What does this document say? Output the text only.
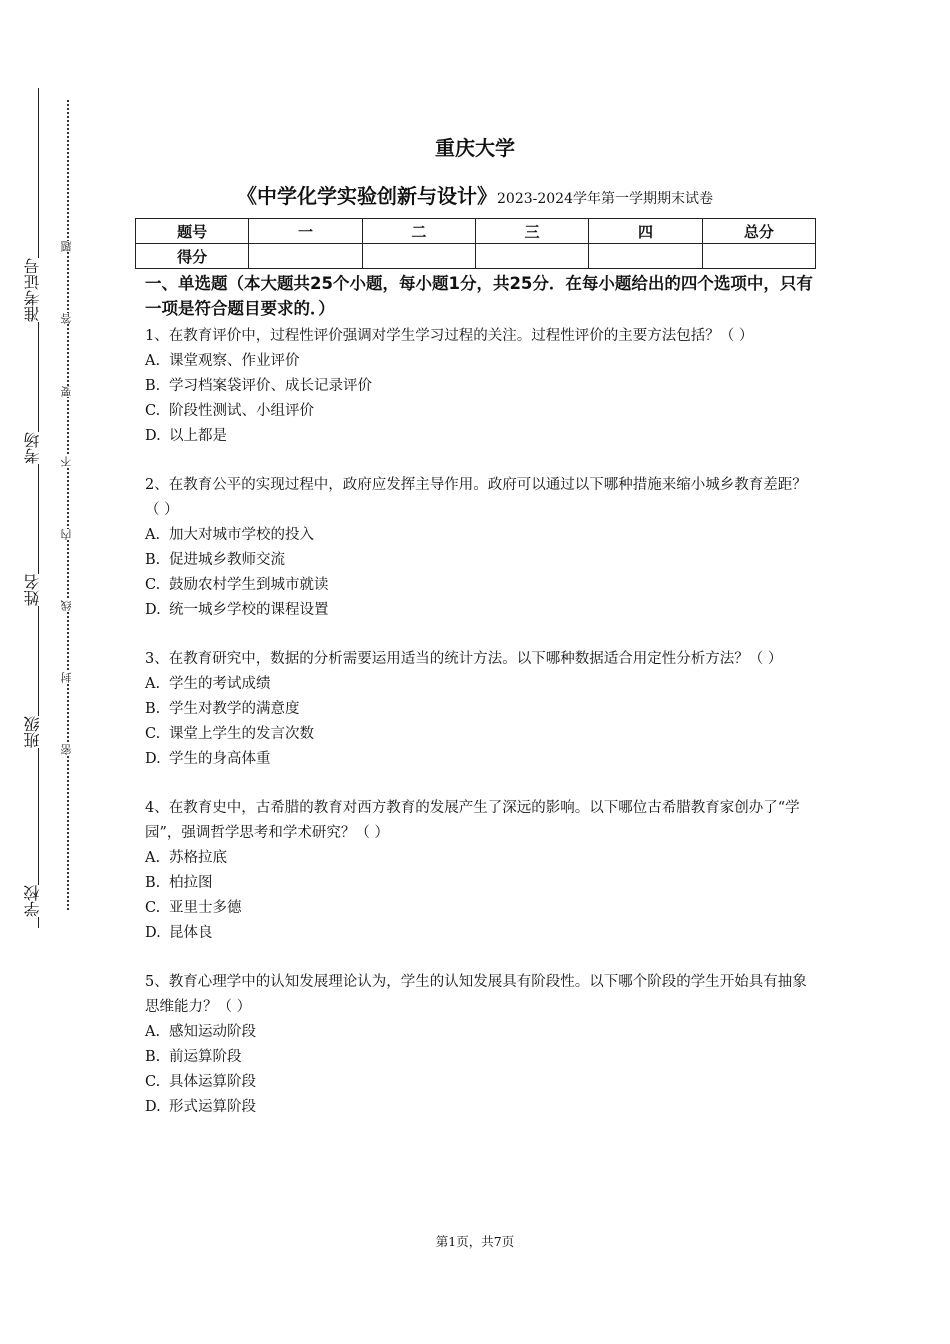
准考证号
考场
姓名
班级
学校
题
答
要
不
内
线
封
密
重庆大学
《中学化学实验创新与设计》2023-2024学年第一学期期末试卷
题号	一	二	三	四	总分
得分					
一、单选题（本大题共25个小题，每小题1分，共25分．在每小题给出的四个选项中，只有一项是符合题目要求的．）

1、在教育评价中，过程性评价强调对学生学习过程的关注。过程性评价的主要方法包括？（ ）

A. 课堂观察、作业评价

B. 学习档案袋评价、成长记录评价

C. 阶段性测试、小组评价

D. 以上都是

2、在教育公平的实现过程中，政府应发挥主导作用。政府可以通过以下哪种措施来缩小城乡教育差距？（ ）

A. 加大对城市学校的投入

B. 促进城乡教师交流

C. 鼓励农村学生到城市就读

D. 统一城乡学校的课程设置

3、在教育研究中，数据的分析需要运用适当的统计方法。以下哪种数据适合用定性分析方法？（ ）

A. 学生的考试成绩

B. 学生对教学的满意度

C. 课堂上学生的发言次数

D. 学生的身高体重

4、在教育史中，古希腊的教育对西方教育的发展产生了深远的影响。以下哪位古希腊教育家创办了“学园”，强调哲学思考和学术研究？（ ）

A. 苏格拉底

B. 柏拉图

C. 亚里士多德

D. 昆体良

5、教育心理学中的认知发展理论认为，学生的认知发展具有阶段性。以下哪个阶段的学生开始具有抽象思维能力？（ ）

A. 感知运动阶段

B. 前运算阶段

C. 具体运算阶段

D. 形式运算阶段

第1页，共7页
